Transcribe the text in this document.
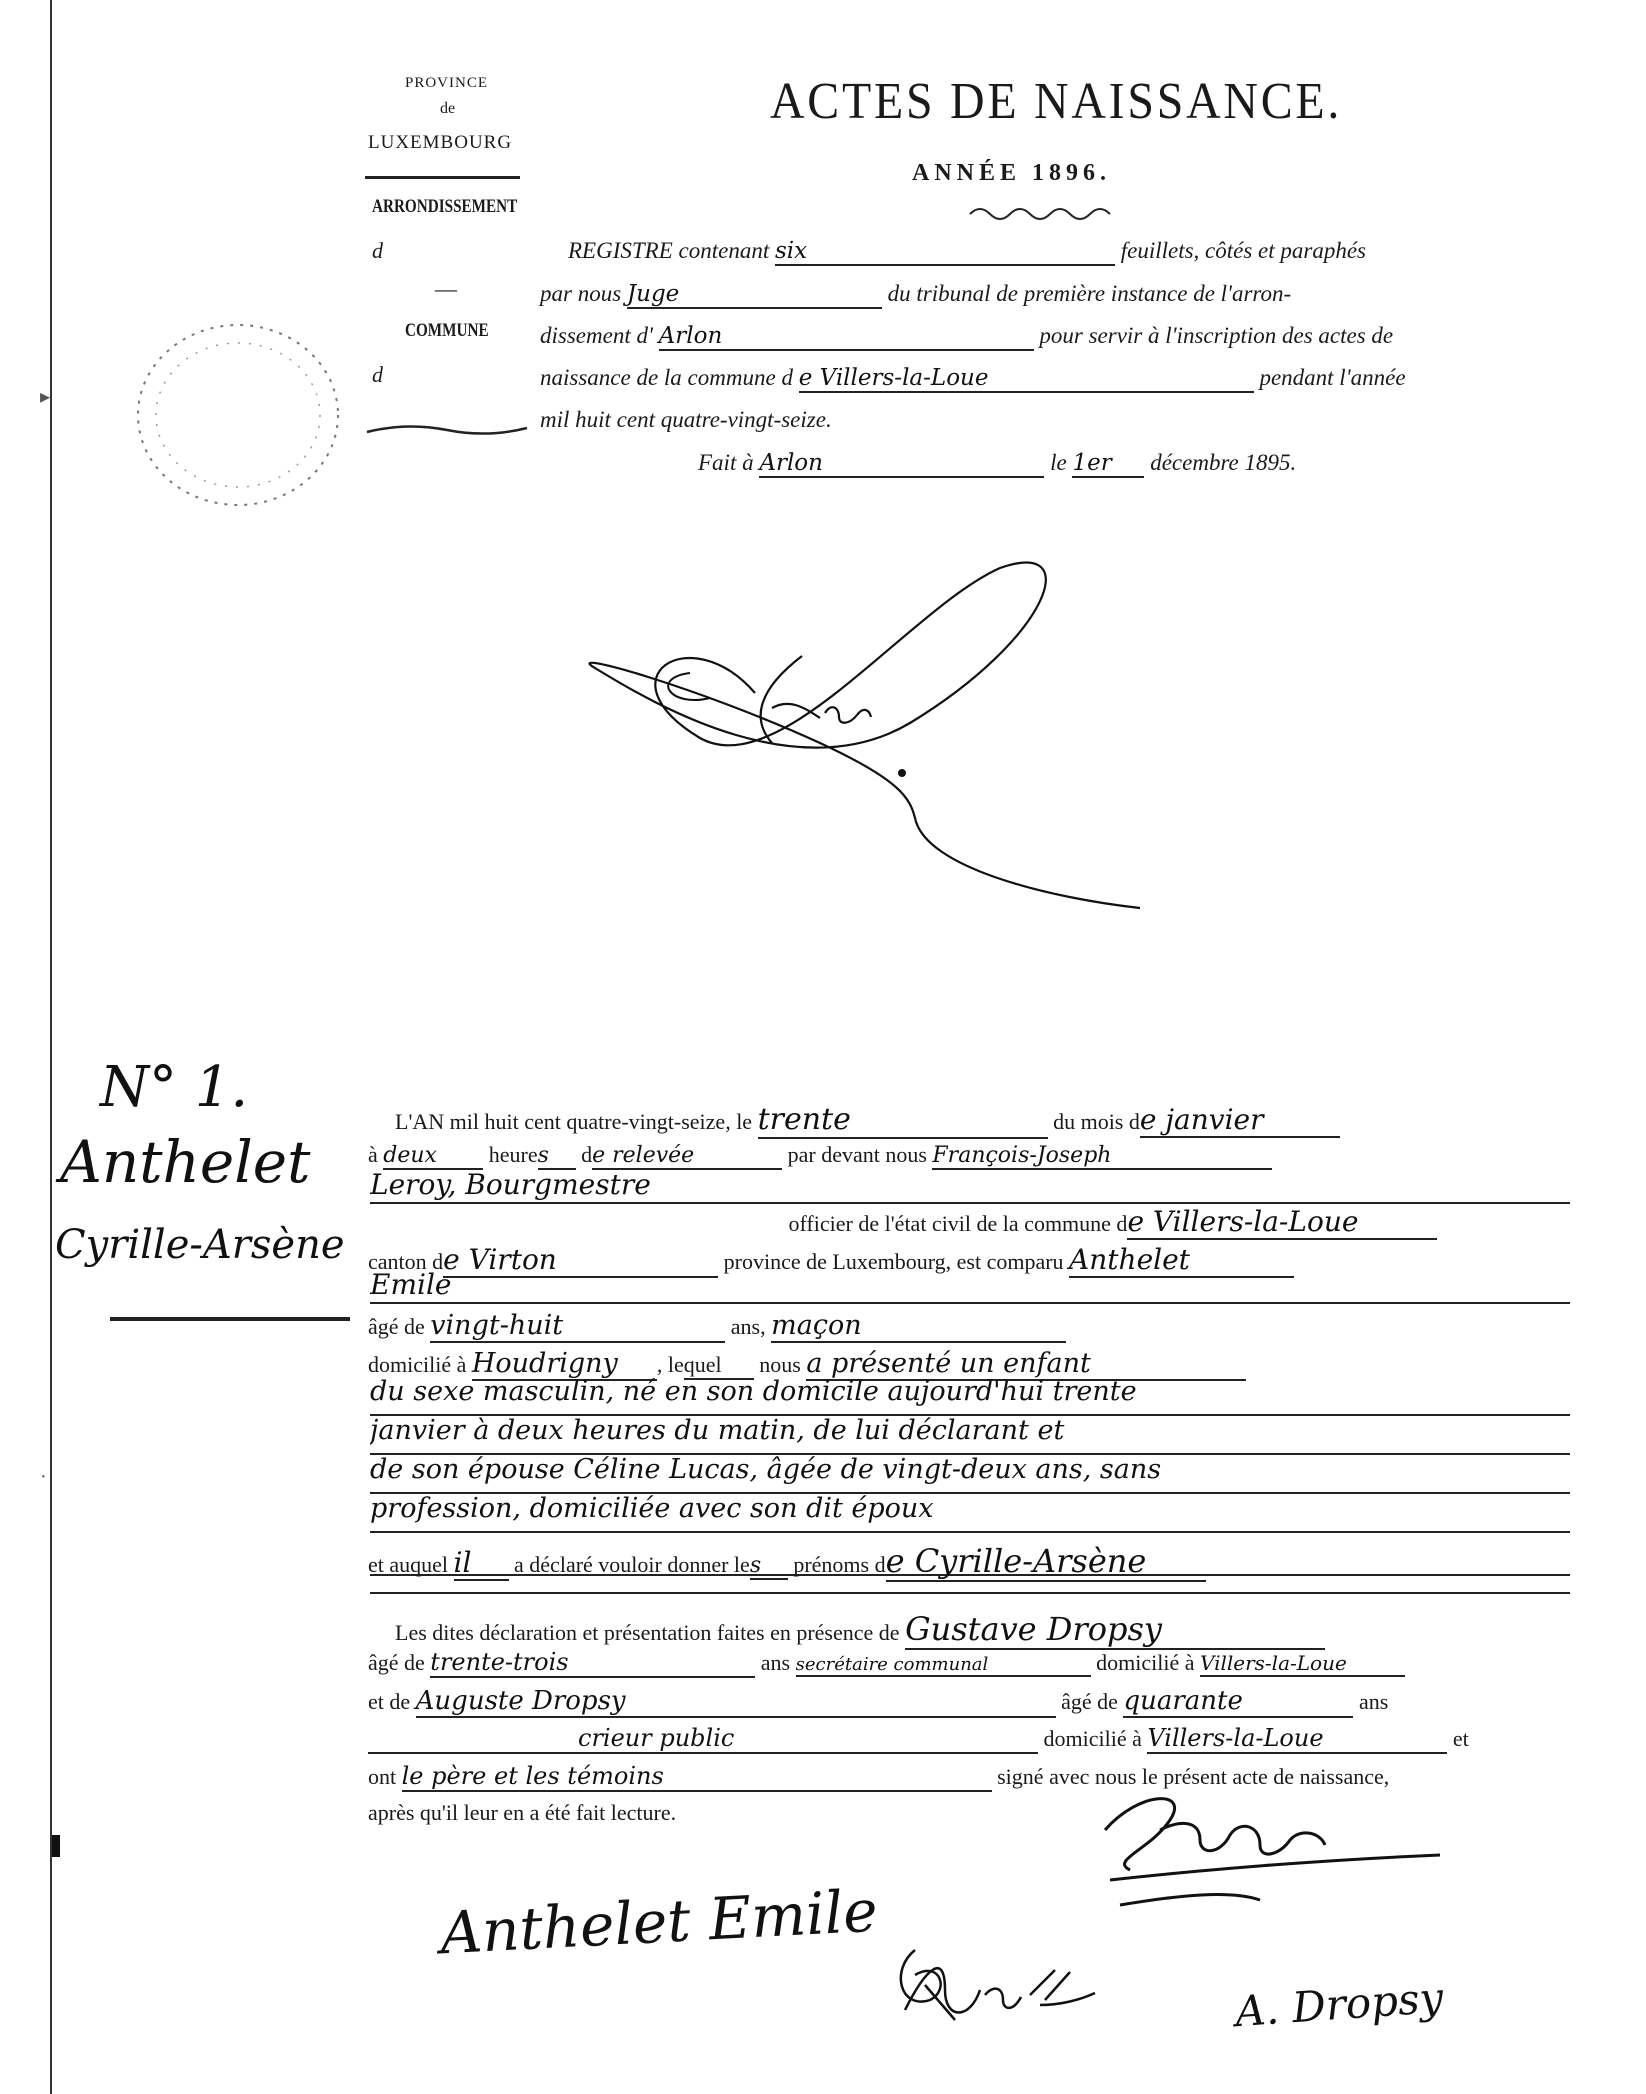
PROVINCE
de
LUXEMBOURG
ARRONDISSEMENT
d
—
COMMUNE
d
ACTES DE NAISSANCE.
ANNÉE 1896.
REGISTRE contenant six	feuillets, côtés et paraphés
par nous Juge	du tribunal de première instance de l'arron-
dissement d' Arlon	pour servir à l'inscription des actes de
naissance de la commune d e Villers-la-Loue	pendant l'année
mil huit cent quatre-vingt-seize.
Fait à Arlon	le 1er décembre 1895.
N° 1.
Anthelet
Cyrille-Arsène
L'AN mil huit cent quatre-vingt-seize, le trente	du mois de janvier
à deux heures de relevée	par devant nous François-Joseph
Leroy, Bourgmestre
officier de l'état civil de la commune de Villers-la-Loue
canton de Virton	province de Luxembourg, est comparu Anthelet
Emile
âgé de vingt-huit	ans, maçon
domicilié à Houdrigny , lequel nous a présenté un enfant
du sexe masculin, né en son domicile aujourd'hui trente
janvier à deux heures du matin, de lui déclarant et
de son épouse Céline Lucas, âgée de vingt-deux ans, sans
profession, domiciliée avec son dit époux
et auquel il a déclaré vouloir donner les prénoms de Cyrille-Arsène
Les dites déclaration et présentation faites en présence de Gustave Dropsy
âgé de trente-trois	ans secrétaire communal	domicilié à Villers-la-Loue
et de Auguste Dropsy	âgé de quarante	ans
crieur public	domicilié à Villers-la-Loue	et
ont le père et les témoins	signé avec nous le présent acte de naissance,
après qu'il leur en a été fait lecture.
Anthelet Emile
A. Dropsy
▸
·
